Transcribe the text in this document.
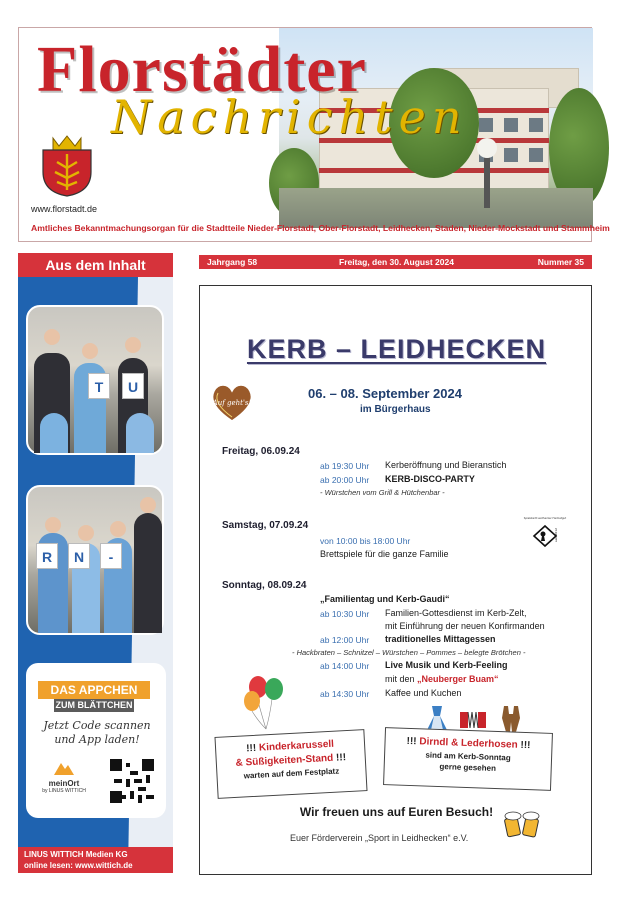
Florstädter
Nachrichten
www.florstadt.de
Amtliches Bekanntmachungsorgan für die Stadtteile Nieder-Florstadt, Ober-Florstadt, Leidhecken, Staden, Nieder-Mockstadt und Stammheim
Aus dem Inhalt
T	U
R	N	-
DAS APPCHEN
ZUM BLÄTTCHEN
Jetzt Code scannen und App laden!
meinOrt
by LINUS WITTICH
LINUS WITTICH Medien KG
online lesen: www.wittich.de
Jahrgang 58	Freitag, den 30. August 2024	Nummer 35
KERB – LEIDHECKEN
Auf geht's!
06. – 08. September 2024
im Bürgerhaus
Freitag, 06.09.24
ab 19:30 Uhr Kerberöffnung und Bieranstich
ab 20:00 Uhr KERB-DISCO-PARTY
- Würstchen vom Grill & Hütchenbar -
Samstag, 07.09.24
von 10:00 bis 18:00 Uhr
Brettspiele für die ganze Familie
Spielstadt Leidhecker Heimatgut
seit 2012
Sonntag, 08.09.24
„Familientag und Kerb-Gaudi“
ab 10:30 Uhr Familien-Gottesdienst im Kerb-Zelt,
mit Einführung der neuen Konfirmanden
ab 12:00 Uhr traditionelles Mittagessen
- Hackbraten – Schnitzel – Würstchen – Pommes – belegte Brötchen -
ab 14:00 Uhr Live Musik und Kerb-Feeling
mit den „Neuberger Buam“
ab 14:30 Uhr Kaffee und Kuchen
!!! Kinderkarussell
& Süßigkeiten-Stand !!!
warten auf dem Festplatz
!!! Dirndl & Lederhosen !!!
sind am Kerb-Sonntag
gerne gesehen
Wir freuen uns auf Euren Besuch!
Euer Förderverein „Sport in Leidhecken“ e.V.
